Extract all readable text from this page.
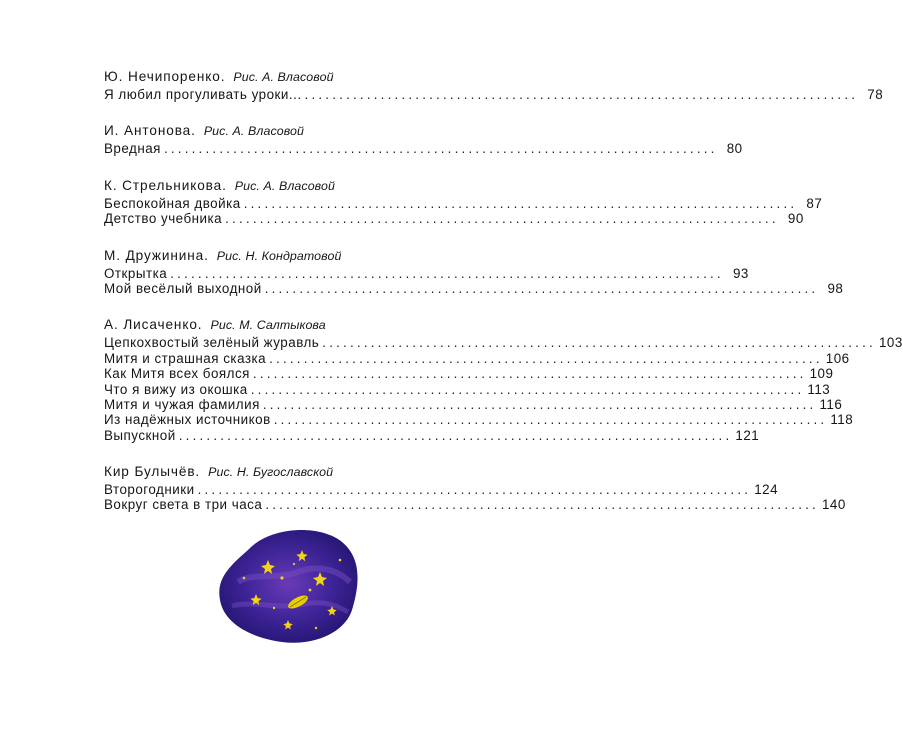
Ю. Нечипоренко. Рис. А. Власовой
Я любил прогуливать уроки... ................................................................................ 78
И. Антонова. Рис. А. Власовой
Вредная ................................................................................ 80
К. Стрельникова. Рис. А. Власовой
Беспокойная двойка ................................................................................ 87
Детство учебника ................................................................................ 90
М. Дружинина. Рис. Н. Кондратовой
Открытка ................................................................................ 93
Мой весёлый выходной ................................................................................ 98
А. Лисаченко. Рис. М. Салтыкова
Цепкохвостый зелёный журавль ................................................................................ 103
Митя и страшная сказка ................................................................................ 106
Как Митя всех боялся ................................................................................ 109
Что я вижу из окошка ................................................................................ 113
Митя и чужая фамилия ................................................................................ 116
Из надёжных источников ................................................................................ 118
Выпускной ................................................................................ 121
Кир Булычёв. Рис. Н. Бугославской
Второгодники ................................................................................ 124
Вокруг света в три часа ................................................................................ 140
